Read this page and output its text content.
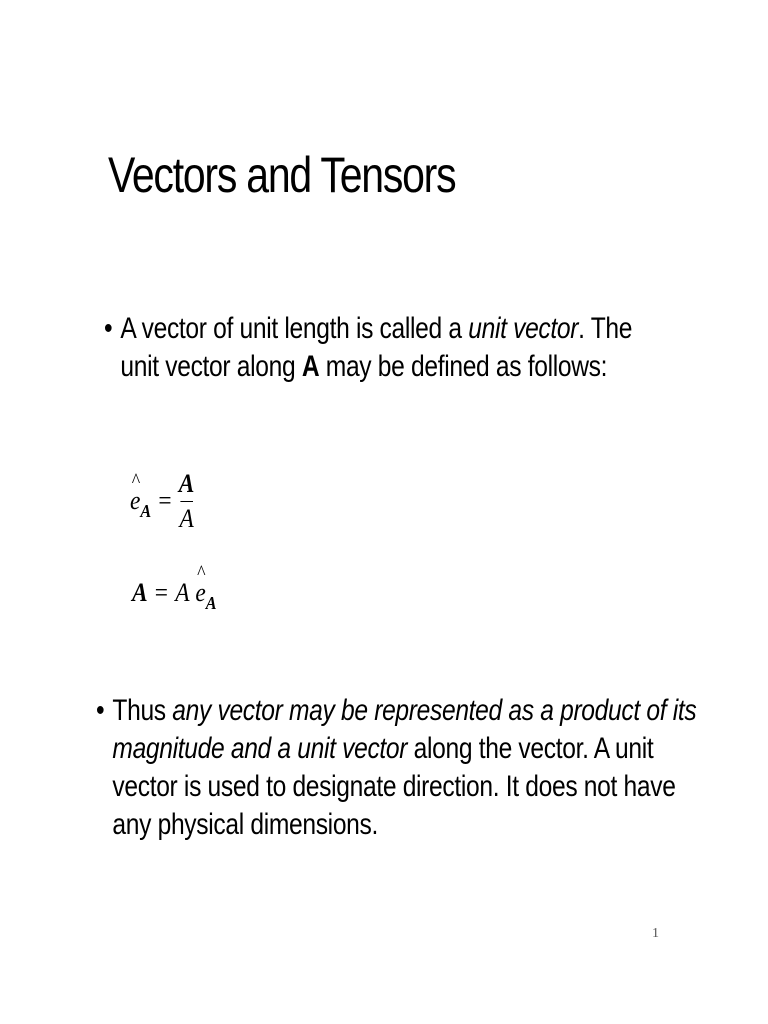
Vectors and Tensors
• A vector of unit length is called a unit vector. The
unit vector along A may be defined as follows:
^
$e_A = \frac{A}{A}$
A = A

^
e A
• Thus any vector may be represented as a product of its
magnitude and a unit vector along the vector. A unit
vector is used to designate direction. It does not have
any physical dimensions.
1
